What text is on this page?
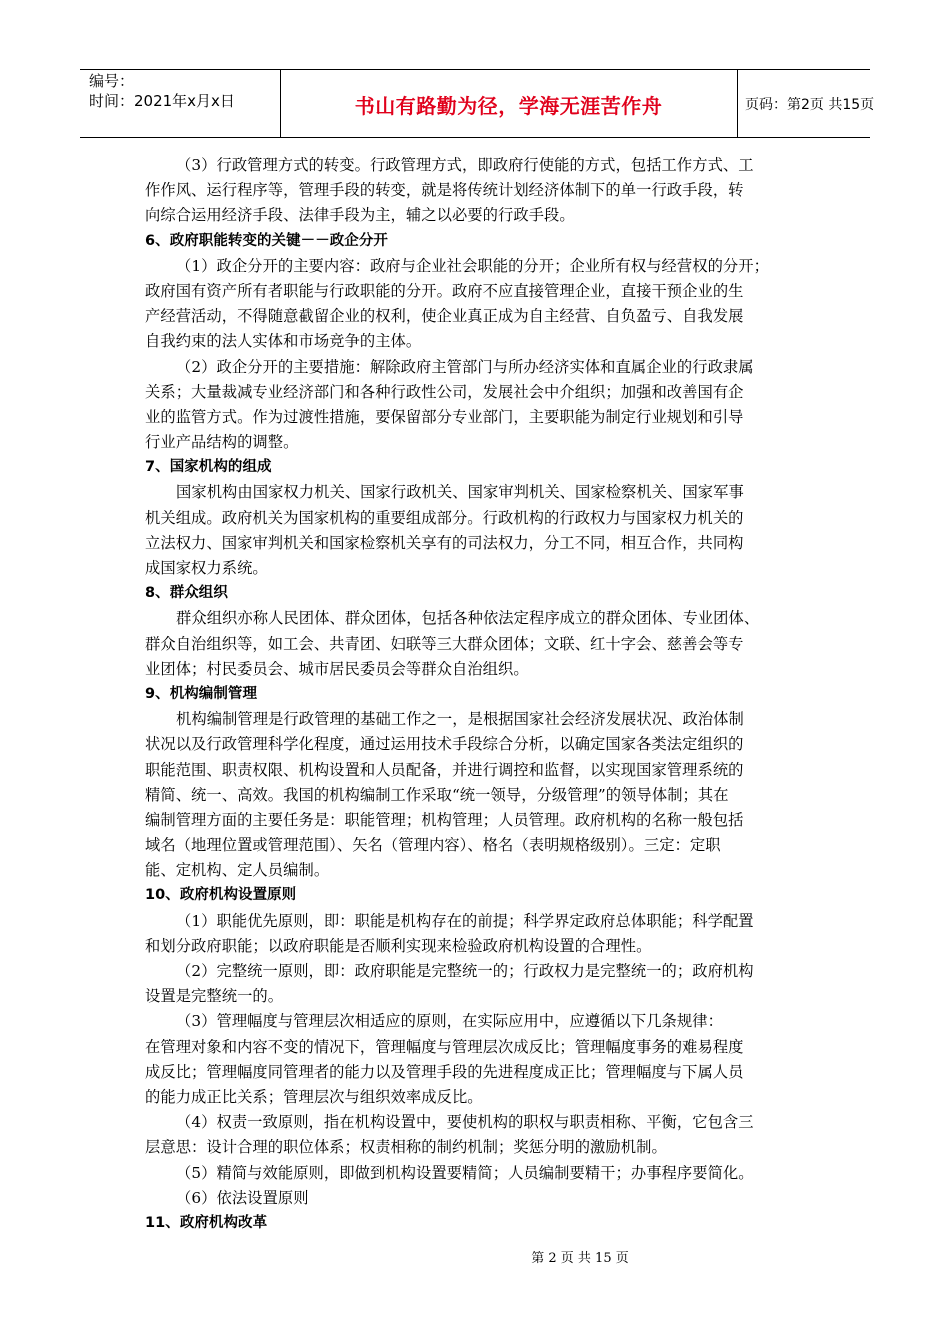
编号：
时间：2021年x月x日	书山有路勤为径，学海无涯苦作舟	页码：第2页 共15页
（3）行政管理方式的转变。行政管理方式，即政府行使能的方式，包括工作方式、工
作作风、运行程序等，管理手段的转变，就是将传统计划经济体制下的单一行政手段，转
向综合运用经济手段、法律手段为主，辅之以必要的行政手段。
6、政府职能转变的关键－－政企分开
（1）政企分开的主要内容：政府与企业社会职能的分开；企业所有权与经营权的分开；
政府国有资产所有者职能与行政职能的分开。政府不应直接管理企业，直接干预企业的生
产经营活动，不得随意截留企业的权利，使企业真正成为自主经营、自负盈亏、自我发展
自我约束的法人实体和市场竞争的主体。
（2）政企分开的主要措施：解除政府主管部门与所办经济实体和直属企业的行政隶属
关系；大量裁减专业经济部门和各种行政性公司，发展社会中介组织；加强和改善国有企
业的监管方式。作为过渡性措施，要保留部分专业部门，主要职能为制定行业规划和引导
行业产品结构的调整。
7、国家机构的组成
国家机构由国家权力机关、国家行政机关、国家审判机关、国家检察机关、国家军事
机关组成。政府机关为国家机构的重要组成部分。行政机构的行政权力与国家权力机关的
立法权力、国家审判机关和国家检察机关享有的司法权力，分工不同，相互合作，共同构
成国家权力系统。
8、群众组织
群众组织亦称人民团体、群众团体，包括各种依法定程序成立的群众团体、专业团体、
群众自治组织等，如工会、共青团、妇联等三大群众团体；文联、红十字会、慈善会等专
业团体；村民委员会、城市居民委员会等群众自治组织。
9、机构编制管理
机构编制管理是行政管理的基础工作之一，是根据国家社会经济发展状况、政治体制
状况以及行政管理科学化程度，通过运用技术手段综合分析，以确定国家各类法定组织的
职能范围、职责权限、机构设置和人员配备，并进行调控和监督，以实现国家管理系统的
精简、统一、高效。我国的机构编制工作采取“统一领导，分级管理”的领导体制；其在
编制管理方面的主要任务是：职能管理；机构管理；人员管理。政府机构的名称一般包括
域名（地理位置或管理范围）、矢名（管理内容）、格名（表明规格级别）。三定：定职
能、定机构、定人员编制。
10、政府机构设置原则
（1）职能优先原则，即：职能是机构存在的前提；科学界定政府总体职能；科学配置
和划分政府职能；以政府职能是否顺利实现来检验政府机构设置的合理性。
（2）完整统一原则，即：政府职能是完整统一的；行政权力是完整统一的；政府机构
设置是完整统一的。
（3）管理幅度与管理层次相适应的原则，在实际应用中，应遵循以下几条规律：
在管理对象和内容不变的情况下，管理幅度与管理层次成反比；管理幅度事务的难易程度
成反比；管理幅度同管理者的能力以及管理手段的先进程度成正比；管理幅度与下属人员
的能力成正比关系；管理层次与组织效率成反比。
（4）权责一致原则，指在机构设置中，要使机构的职权与职责相称、平衡，它包含三
层意思：设计合理的职位体系；权责相称的制约机制；奖惩分明的激励机制。
（5）精简与效能原则，即做到机构设置要精简；人员编制要精干；办事程序要简化。
（6）依法设置原则
11、政府机构改革
第 2 页 共 15 页
